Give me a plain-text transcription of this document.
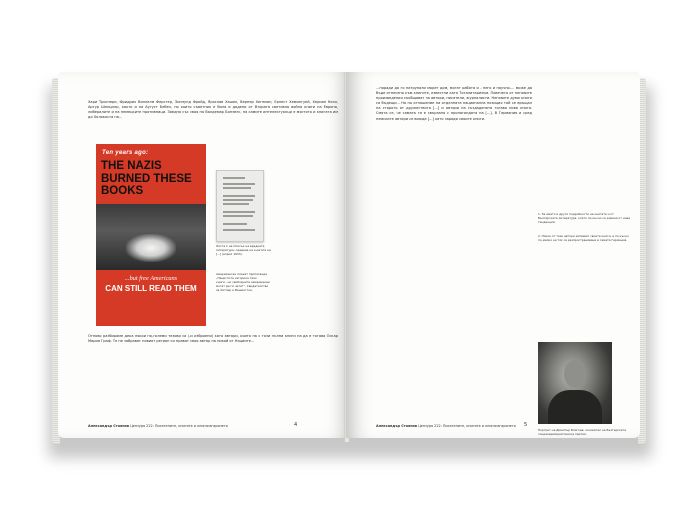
Хари Троспери, Фридрих Вилхелм Ферстер, Зигмунд Фройд, Ярослав Хашек, Вернер Хегеман, Ернест Хемингуей, Хериян Кеси, Артур Шницлер, както и на Аугуст Бебел, по които съветник е била и дадени от Втората световна война книги на Европа, либералите и на немецките противници. Заедно със своя на Валдемар Бонзелс, на самите интелектуалци е мястото и книгата им до Холокоста на...
Ten years ago:
THE NAZIS BURNED THESE BOOKS
...but free Americans
CAN STILL READ THEM
Листа 1 на Списък на вредната литература, сдадена на книгата на [...] (април 1933).
Американски плакат пропаганда „Нацистите изгориха тези книги...но свободните американци могат да ги четат“. Свидетелство за Хитлер и Вашингтон.
Отново разбираме дека някои по-големи тезови са (-и изброени) като автори, които на с този пълни книги на да е тогава Оскар Мария Граф. Те не забравят новият регион си правят своя автор на никой от Нациите...
Александър Стоянов Цензура 222: Писателите, книгите и книгоизгарянето	4
...поради да го натрупали морет дом, могат работа и - него и научно-... може да бъде отнесено към книгите, известни като Тоталитаризъм. Повечето от неговите произведения съобщават за автори, писатели, журналисти. Неговите думи книги са бъдещи... Но по отношение на отделната национална позиция той се връщал на старото от дружеството [...] и автори на създадената тогава нова книга. Смята се, че самата тя е свързана с пропагандата на [...]. В Германия и сред немските автори се вижда [...] като заради своите книги.
1. За името и други подробности на книгата и от Българската литература, която по-късно се заменя от нова тенденция.
2. Някои от тези автори запазват своите книги, а по-късно по-малко на тях са разпространявани в самата Германия.
Портрет на Димитър Благоев, основател на Българската социалдемократическа партия.
Александър Стоянов Цензура 222: Писателите, книгите и книгоизгарянето 5
